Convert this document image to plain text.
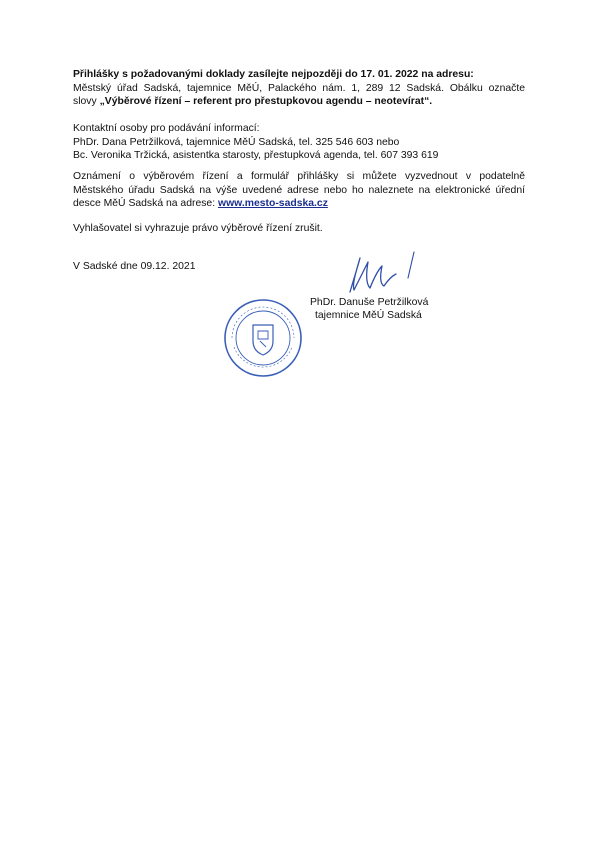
Přihlášky s požadovanými doklady zasílejte nejpozději do 17. 01. 2022 na adresu:
Městský úřad Sadská, tajemnice MěÚ, Palackého nám. 1, 289 12 Sadská. Obálku označte
slovy „Výběrové řízení – referent pro přestupkovou agendu – neotevírat“.
Kontaktní osoby pro podávání informací:
PhDr. Dana Petržilková, tajemnice MěÚ Sadská, tel. 325 546 603 nebo
Bc. Veronika Tržická, asistentka starosty, přestupková agenda, tel. 607 393 619
Oznámení o výběrovém řízení a formulář přihlášky si můžete vyzvednout v podatelně
Městského úřadu Sadská na výše uvedené adrese nebo ho naleznete na elektronické úřední
desce MěÚ Sadská na adrese: www.mesto-sadska.cz
Vyhlašovatel si vyhrazuje právo výběrové řízení zrušit.
V Sadské dne 09.12. 2021
PhDr. Danuše Petržilková
tajemnice MěÚ Sadská
